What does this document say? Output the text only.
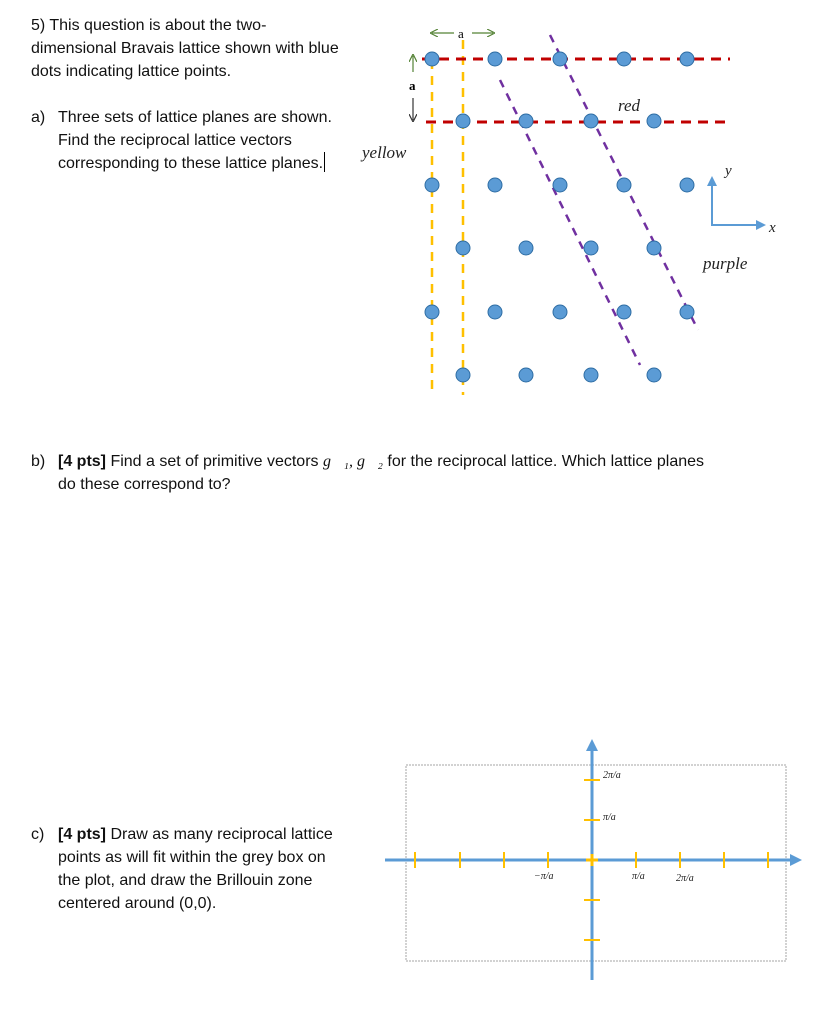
5) This question is about the two-
dimensional Bravais lattice shown with blue
dots indicating lattice points.
a) Three sets of lattice planes are shown.
Find the reciprocal lattice vectors
corresponding to these lattice planes.
a
a
red
yellow
purple
x
y
b) [4 pts] Find a set of primitive vectors g⃗₁, g⃗₂ for the reciprocal lattice. Which lattice planes
do these correspond to?
c) [4 pts] Draw as many reciprocal lattice
points as will fit within the grey box on
the plot, and draw the Brillouin zone
centered around (0,0).
−π/a	π/a	2π/a
π/a
2π/a
